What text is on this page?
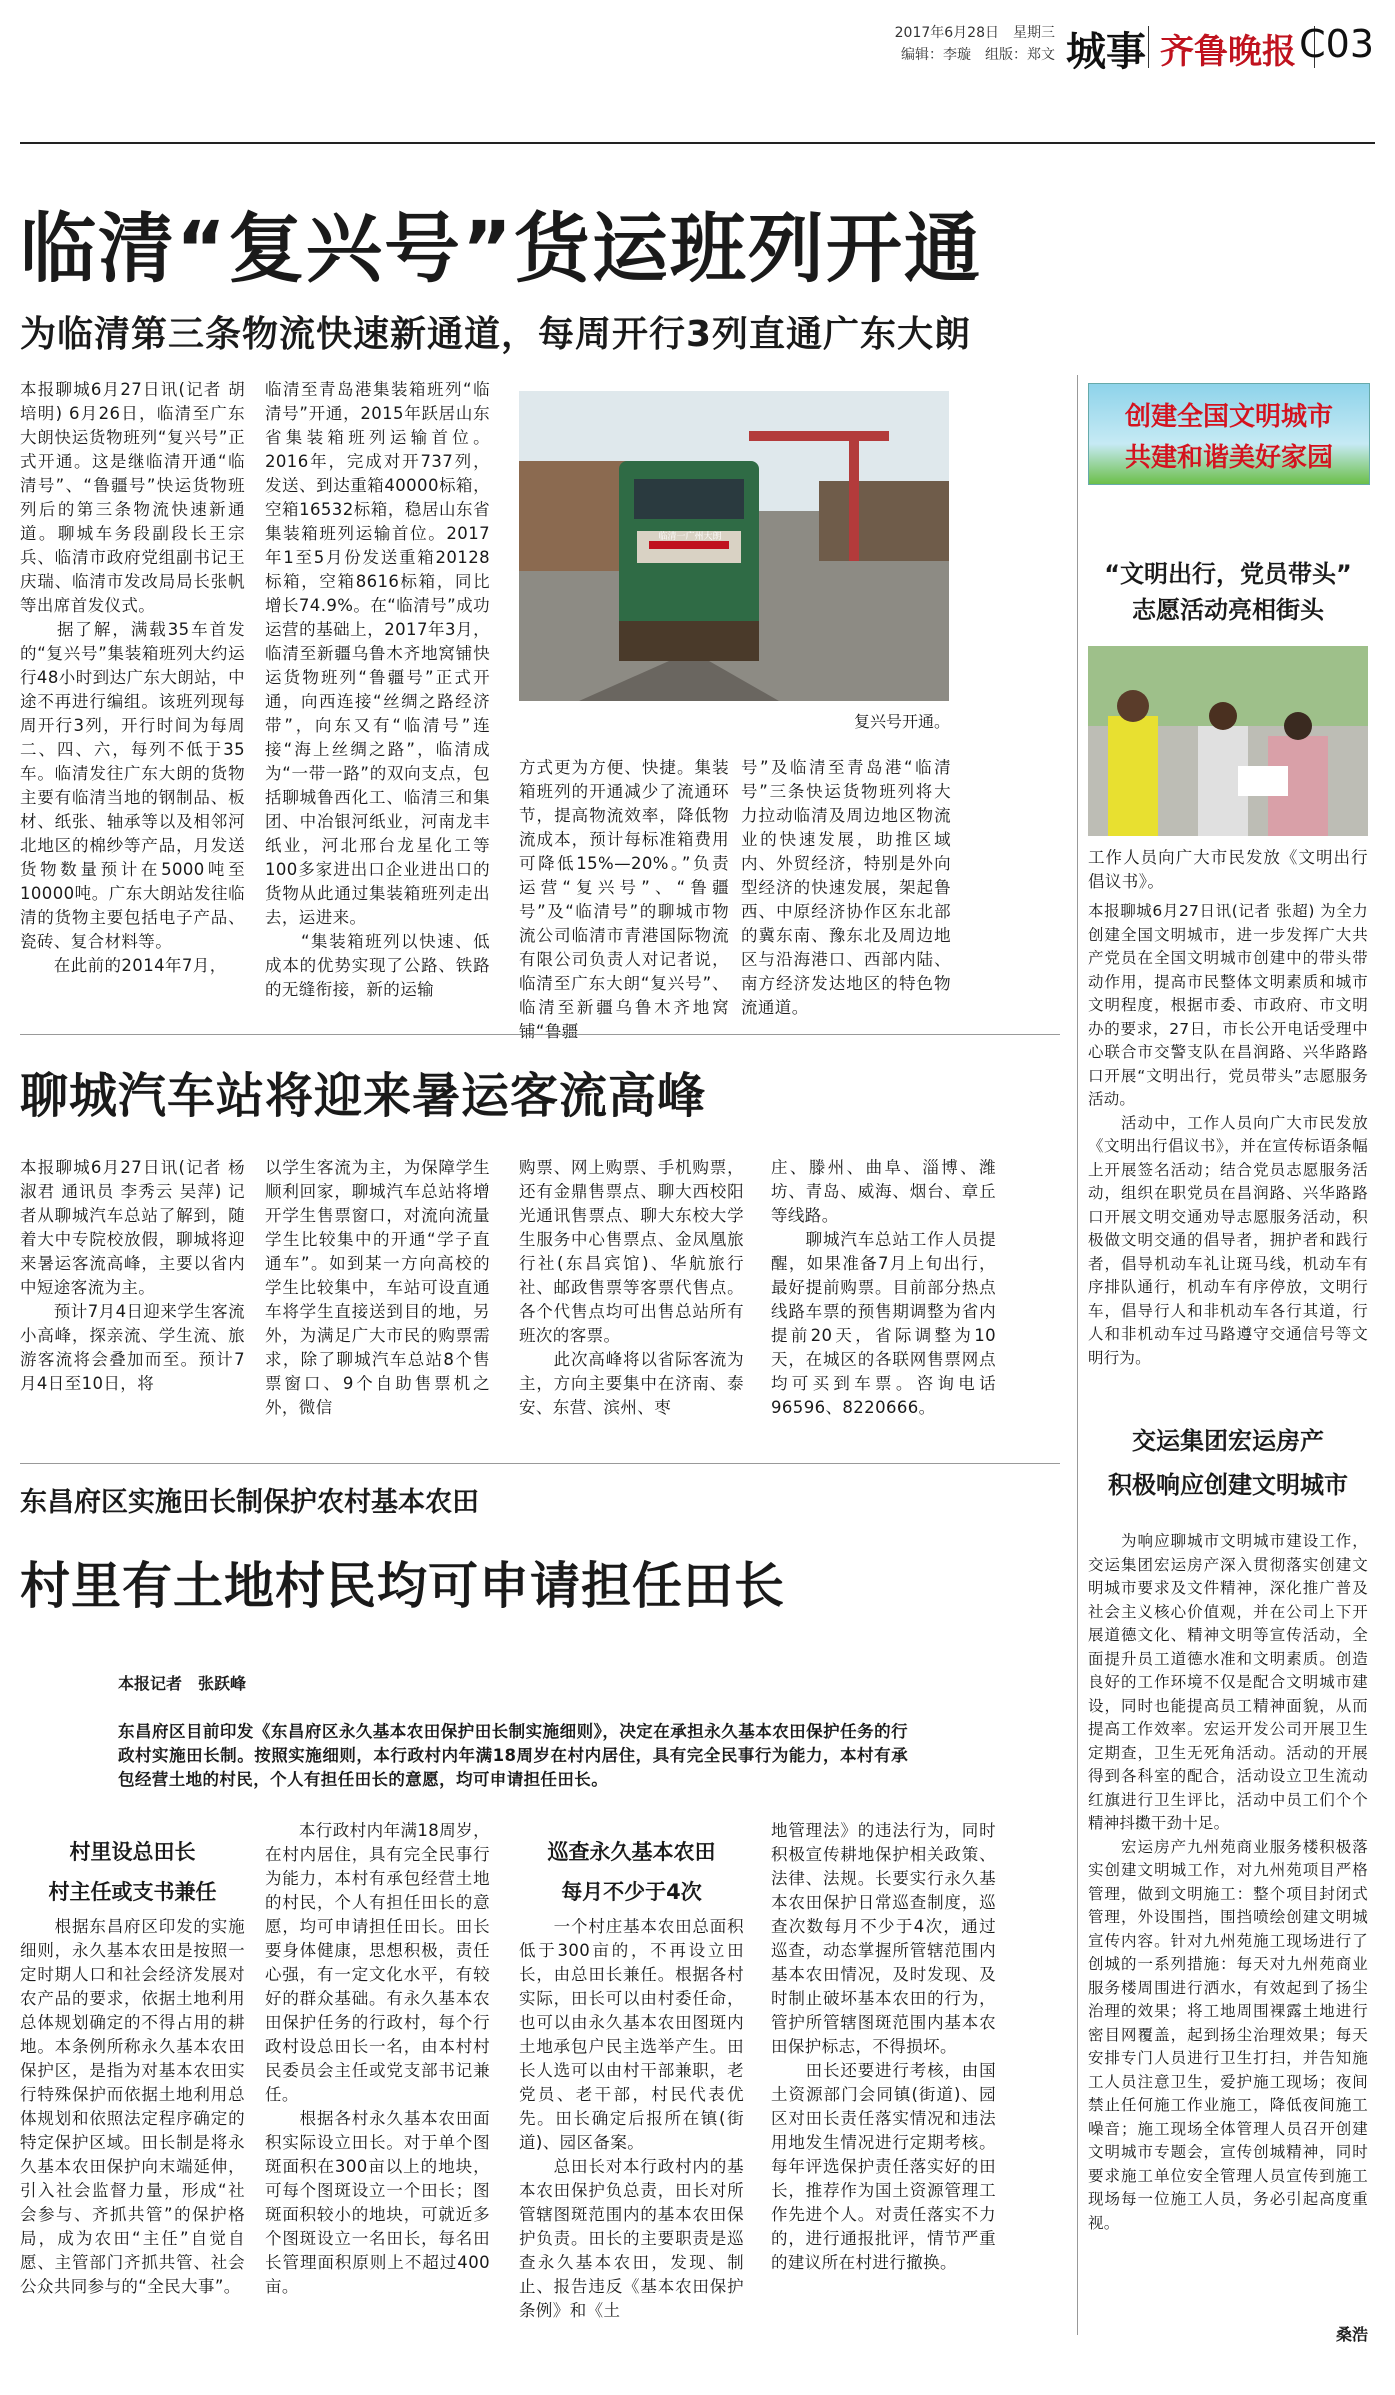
2017年6月28日　星期三
编辑：李璇　组版：郑文 城事 齐鲁晚报 C03
临清“复兴号”货运班列开通
为临清第三条物流快速新通道，每周开行3列直通广东大朗
本报聊城6月27日讯(记者 胡培明) 6月26日，临清至广东大朗快运货物班列“复兴号”正式开通。这是继临清开通“临清号”、“鲁疆号”快运货物班列后的第三条物流快速新通道。聊城车务段副段长王宗兵、临清市政府党组副书记王庆瑞、临清市发改局局长张帆等出席首发仪式。
　　据了解，满载35车首发的“复兴号”集装箱班列大约运行48小时到达广东大朗站，中途不再进行编组。该班列现每周开行3列，开行时间为每周二、四、六，每列不低于35车。临清发往广东大朗的货物主要有临清当地的钢制品、板材、纸张、轴承等以及相邻河北地区的棉纱等产品，月发送货物数量预计在5000吨至10000吨。广东大朗站发往临清的货物主要包括电子产品、瓷砖、复合材料等。
　　在此前的2014年7月，
临清至青岛港集装箱班列“临清号”开通，2015年跃居山东省集装箱班列运输首位。2016年，完成对开737列，发送、到达重箱40000标箱，空箱16532标箱，稳居山东省集装箱班列运输首位。2017年1至5月份发送重箱20128标箱，空箱8616标箱，同比增长74.9%。在“临清号”成功运营的基础上，2017年3月，临清至新疆乌鲁木齐地窝铺快运货物班列“鲁疆号”正式开通，向西连接“丝绸之路经济带”，向东又有“临清号”连接“海上丝绸之路”，临清成为“一带一路”的双向支点，包括聊城鲁西化工、临清三和集团、中冶银河纸业，河南龙丰纸业，河北邢台龙星化工等100多家进出口企业进出口的货物从此通过集装箱班列走出去，运进来。
　　“集装箱班列以快速、低成本的优势实现了公路、铁路的无缝衔接，新的运输
临清一广州大朗
复兴号开通。
方式更为方便、快捷。集装箱班列的开通减少了流通环节，提高物流效率，降低物流成本，预计每标准箱费用可降低15%—20%。”负责运营“复兴号”、“鲁疆号”及“临清号”的聊城市物流公司临清市青港国际物流有限公司负责人对记者说，临清至广东大朗“复兴号”、临清至新疆乌鲁木齐地窝铺“鲁疆
号”及临清至青岛港“临清号”三条快运货物班列将大力拉动临清及周边地区物流业的快速发展，助推区域内、外贸经济，特别是外向型经济的快速发展，架起鲁西、中原经济协作区东北部的冀东南、豫东北及周边地区与沿海港口、西部内陆、南方经济发达地区的特色物流通道。
聊城汽车站将迎来暑运客流高峰
本报聊城6月27日讯(记者 杨淑君 通讯员 李秀云 吴萍) 记者从聊城汽车总站了解到，随着大中专院校放假，聊城将迎来暑运客流高峰，主要以省内中短途客流为主。
　　预计7月4日迎来学生客流小高峰，探亲流、学生流、旅游客流将会叠加而至。预计7月4日至10日，将
以学生客流为主，为保障学生顺利回家，聊城汽车总站将增开学生售票窗口，对流向流量学生比较集中的开通“学子直通车”。如到某一方向高校的学生比较集中，车站可设直通车将学生直接送到目的地，另外，为满足广大市民的购票需求，除了聊城汽车总站8个售票窗口、9个自助售票机之外，微信
购票、网上购票、手机购票，还有金鼎售票点、聊大西校阳光通讯售票点、聊大东校大学生服务中心售票点、金凤凰旅行社(东昌宾馆)、华航旅行社、邮政售票等客票代售点。各个代售点均可出售总站所有班次的客票。
　　此次高峰将以省际客流为主，方向主要集中在济南、泰安、东营、滨州、枣
庄、滕州、曲阜、淄博、潍坊、青岛、威海、烟台、章丘等线路。
　　聊城汽车总站工作人员提醒，如果准备7月上旬出行，最好提前购票。目前部分热点线路车票的预售期调整为省内提前20天，省际调整为10天，在城区的各联网售票网点均可买到车票。咨询电话96596、8220666。
东昌府区实施田长制保护农村基本农田
村里有土地村民均可申请担任田长
本报记者　张跃峰
东昌府区目前印发《东昌府区永久基本农田保护田长制实施细则》，决定在承担永久基本农田保护任务的行政村实施田长制。按照实施细则，本行政村内年满18周岁在村内居住，具有完全民事行为能力，本村有承包经营土地的村民，个人有担任田长的意愿，均可申请担任田长。
村里设总田长
村主任或支书兼任
　　根据东昌府区印发的实施细则，永久基本农田是按照一定时期人口和社会经济发展对农产品的要求，依据土地利用总体规划确定的不得占用的耕地。本条例所称永久基本农田保护区，是指为对基本农田实行特殊保护而依据土地利用总体规划和依照法定程序确定的特定保护区域。田长制是将永久基本农田保护向末端延伸，引入社会监督力量，形成“社会参与、齐抓共管”的保护格局，成为农田“主任”自觉自愿、主管部门齐抓共管、社会公众共同参与的“全民大事”。
　　本行政村内年满18周岁，在村内居住，具有完全民事行为能力，本村有承包经营土地的村民，个人有担任田长的意愿，均可申请担任田长。田长要身体健康，思想积极，责任心强，有一定文化水平，有较好的群众基础。有永久基本农田保护任务的行政村，每个行政村设总田长一名，由本村村民委员会主任或党支部书记兼任。
　　根据各村永久基本农田面积实际设立田长。对于单个图斑面积在300亩以上的地块，可每个图斑设立一个田长；图斑面积较小的地块，可就近多个图斑设立一名田长，每名田长管理面积原则上不超过400亩。
巡查永久基本农田
每月不少于4次
　　一个村庄基本农田总面积低于300亩的，不再设立田长，由总田长兼任。根据各村实际，田长可以由村委任命，也可以由永久基本农田图斑内土地承包户民主选举产生。田长人选可以由村干部兼职，老党员、老干部，村民代表优先。田长确定后报所在镇(街道)、园区备案。
　　总田长对本行政村内的基本农田保护负总责，田长对所管辖图斑范围内的基本农田保护负责。田长的主要职责是巡查永久基本农田，发现、制止、报告违反《基本农田保护条例》和《土
地管理法》的违法行为，同时积极宣传耕地保护相关政策、法律、法规。长要实行永久基本农田保护日常巡查制度，巡查次数每月不少于4次，通过巡查，动态掌握所管辖范围内基本农田情况，及时发现、及时制止破坏基本农田的行为，管护所管辖图斑范围内基本农田保护标志，不得损坏。
　　田长还要进行考核，由国土资源部门会同镇(街道)、园区对田长责任落实情况和违法用地发生情况进行定期考核。每年评选保护责任落实好的田长，推荐作为国土资源管理工作先进个人。对责任落实不力的，进行通报批评，情节严重的建议所在村进行撤换。
创建全国文明城市
共建和谐美好家园
“文明出行，党员带头”
志愿活动亮相街头
工作人员向广大市民发放《文明出行倡议书》。
本报聊城6月27日讯(记者 张超) 为全力创建全国文明城市，进一步发挥广大共产党员在全国文明城市创建中的带头带动作用，提高市民整体文明素质和城市文明程度，根据市委、市政府、市文明办的要求，27日，市长公开电话受理中心联合市交警支队在昌润路、兴华路路口开展“文明出行，党员带头”志愿服务活动。
　　活动中，工作人员向广大市民发放《文明出行倡议书》，并在宣传标语条幅上开展签名活动；结合党员志愿服务活动，组织在职党员在昌润路、兴华路路口开展文明交通劝导志愿服务活动，积极做文明交通的倡导者，拥护者和践行者，倡导机动车礼让斑马线，机动车有序排队通行，机动车有序停放，文明行车，倡导行人和非机动车各行其道，行人和非机动车过马路遵守交通信号等文明行为。
交运集团宏运房产
积极响应创建文明城市
　　为响应聊城市文明城市建设工作，交运集团宏运房产深入贯彻落实创建文明城市要求及文件精神，深化推广普及社会主义核心价值观，并在公司上下开展道德文化、精神文明等宣传活动，全面提升员工道德水准和文明素质。创造良好的工作环境不仅是配合文明城市建设，同时也能提高员工精神面貌，从而提高工作效率。宏运开发公司开展卫生定期查，卫生无死角活动。活动的开展得到各科室的配合，活动设立卫生流动红旗进行卫生评比，活动中员工们个个精神抖擞干劲十足。
　　宏运房产九州苑商业服务楼积极落实创建文明城工作，对九州苑项目严格管理，做到文明施工：整个项目封闭式管理，外设围挡，围挡喷绘创建文明城宣传内容。针对九州苑施工现场进行了创城的一系列措施：每天对九州苑商业服务楼周围进行洒水，有效起到了扬尘治理的效果；将工地周围裸露土地进行密目网覆盖，起到扬尘治理效果；每天安排专门人员进行卫生打扫，并告知施工人员注意卫生，爱护施工现场；夜间禁止任何施工作业施工，降低夜间施工噪音；施工现场全体管理人员召开创建文明城市专题会，宣传创城精神，同时要求施工单位安全管理人员宣传到施工现场每一位施工人员，务必引起高度重视。
桑浩
